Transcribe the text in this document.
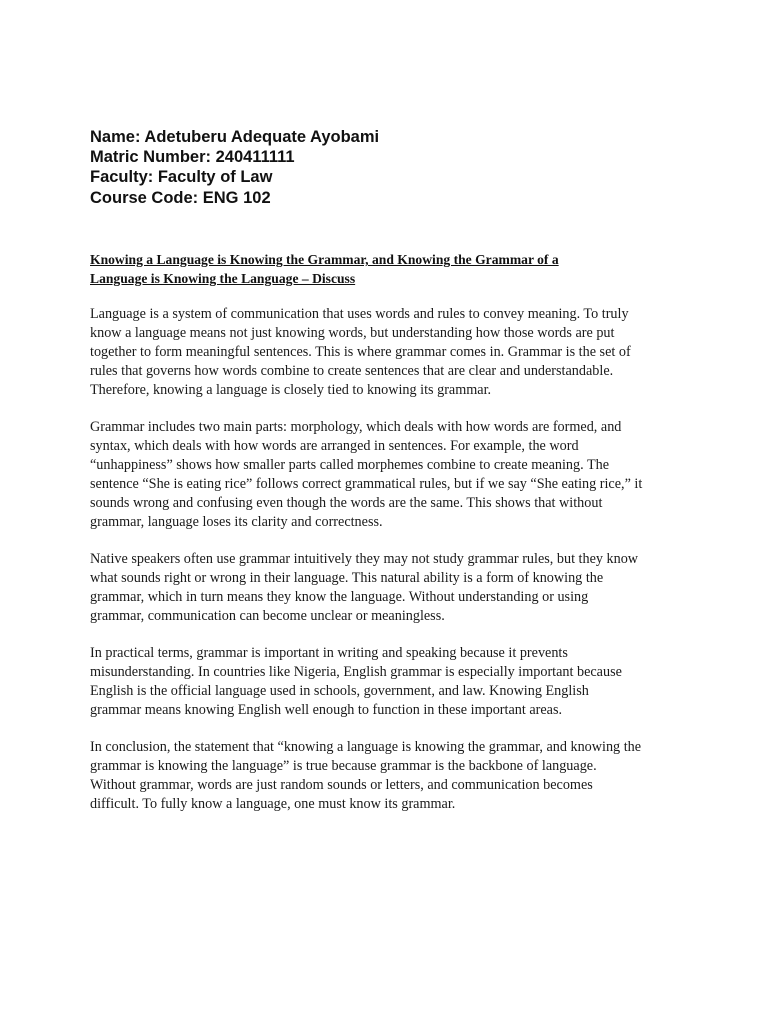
Name: Adetuberu Adequate Ayobami
Matric Number: 240411111
Faculty: Faculty of Law
Course Code: ENG 102
Knowing a Language is Knowing the Grammar, and Knowing the Grammar of a
Language is Knowing the Language – Discuss
Language is a system of communication that uses words and rules to convey meaning. To truly
know a language means not just knowing words, but understanding how those words are put
together to form meaningful sentences. This is where grammar comes in. Grammar is the set of
rules that governs how words combine to create sentences that are clear and understandable.
Therefore, knowing a language is closely tied to knowing its grammar.
Grammar includes two main parts: morphology, which deals with how words are formed, and
syntax, which deals with how words are arranged in sentences. For example, the word
“unhappiness” shows how smaller parts called morphemes combine to create meaning. The
sentence “She is eating rice” follows correct grammatical rules, but if we say “She eating rice,” it
sounds wrong and confusing even though the words are the same. This shows that without
grammar, language loses its clarity and correctness.
Native speakers often use grammar intuitively they may not study grammar rules, but they know
what sounds right or wrong in their language. This natural ability is a form of knowing the
grammar, which in turn means they know the language. Without understanding or using
grammar, communication can become unclear or meaningless.
In practical terms, grammar is important in writing and speaking because it prevents
misunderstanding. In countries like Nigeria, English grammar is especially important because
English is the official language used in schools, government, and law. Knowing English
grammar means knowing English well enough to function in these important areas.
In conclusion, the statement that “knowing a language is knowing the grammar, and knowing the
grammar is knowing the language” is true because grammar is the backbone of language.
Without grammar, words are just random sounds or letters, and communication becomes
difficult. To fully know a language, one must know its grammar.
